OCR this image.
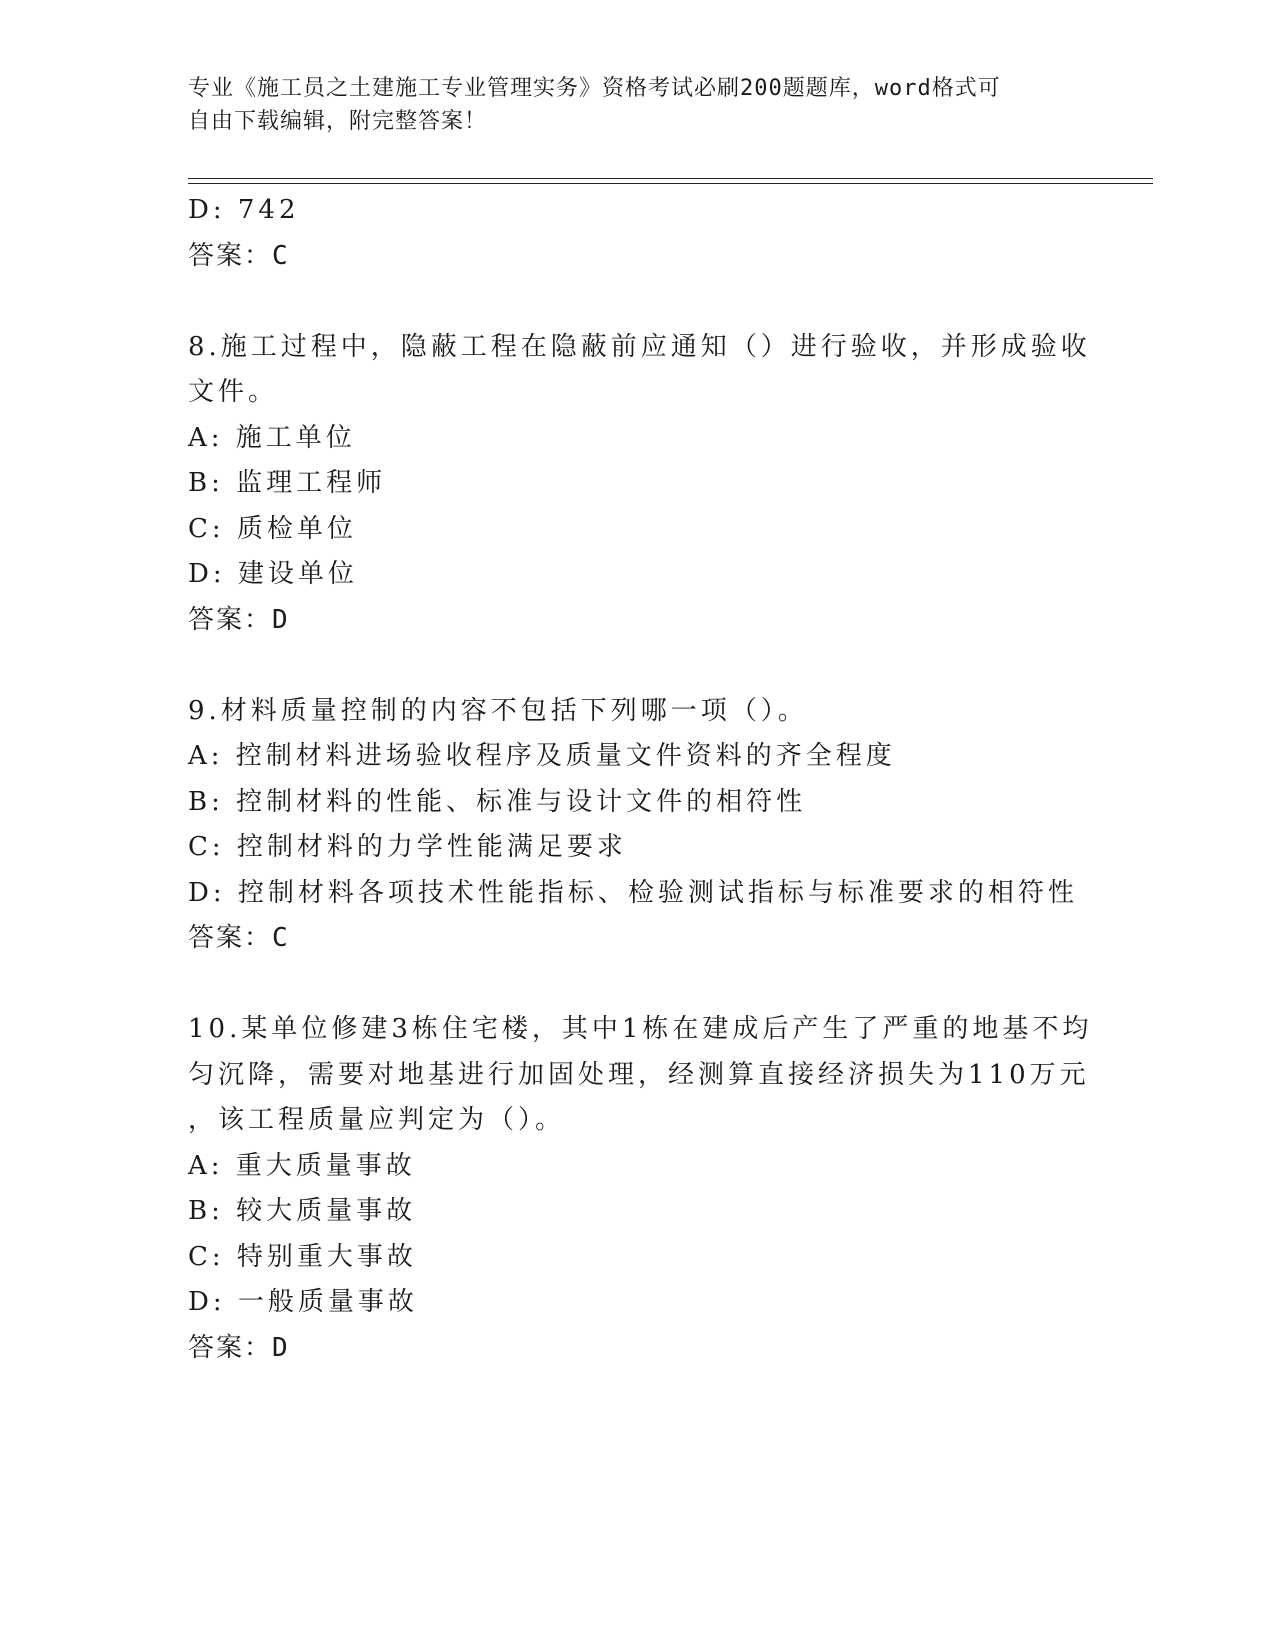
专业《施工员之土建施工专业管理实务》资格考试必刷200题题库，word格式可
自由下载编辑，附完整答案！
D: 742
答案：C
8.施工过程中，隐蔽工程在隐蔽前应通知（）进行验收，并形成验收
文件。
A: 施工单位
B: 监理工程师
C: 质检单位
D: 建设单位
答案：D
9.材料质量控制的内容不包括下列哪一项（）。
A: 控制材料进场验收程序及质量文件资料的齐全程度
B: 控制材料的性能、标准与设计文件的相符性
C: 控制材料的力学性能满足要求
D: 控制材料各项技术性能指标、检验测试指标与标准要求的相符性
答案：C
10.某单位修建3栋住宅楼，其中1栋在建成后产生了严重的地基不均
匀沉降，需要对地基进行加固处理，经测算直接经济损失为110万元
，该工程质量应判定为（）。
A: 重大质量事故
B: 较大质量事故
C: 特别重大事故
D: 一般质量事故
答案：D
